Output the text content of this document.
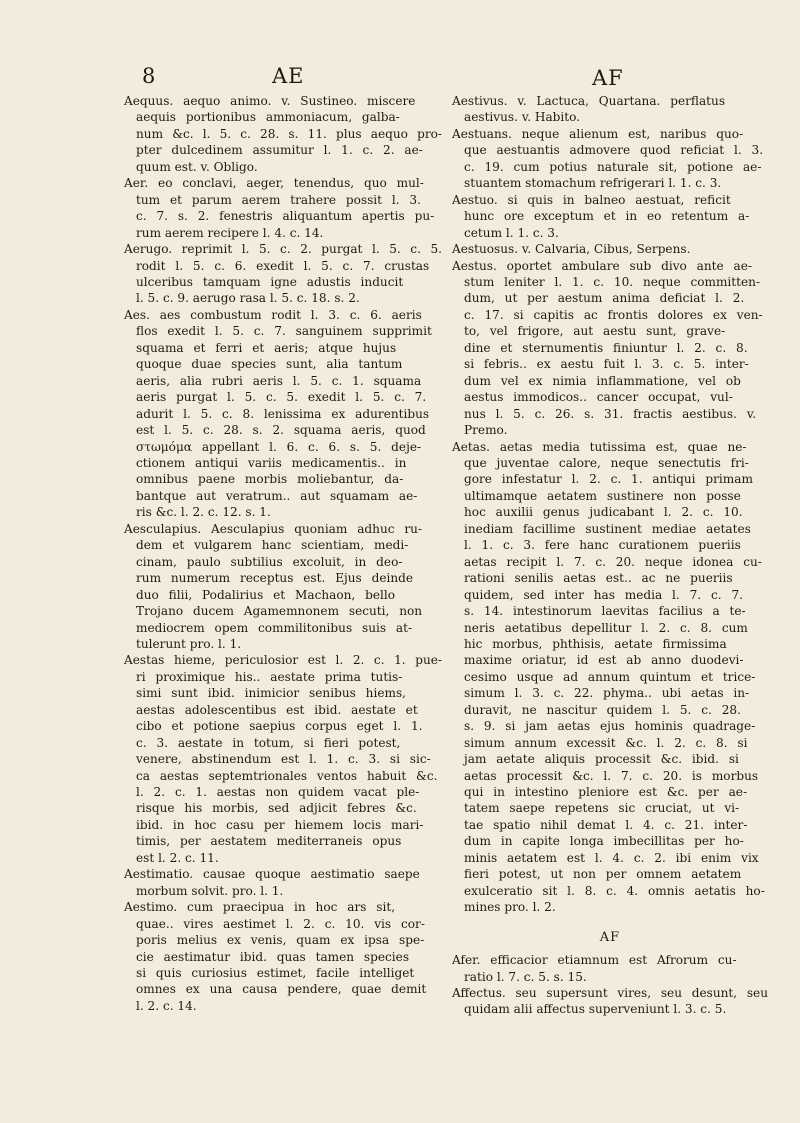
8	AE	AF
Aequus. aequo animo. v. Sustineo. miscere
aequis portionibus ammoniacum, galba-
num &c. l. 5. c. 28. s. 11. plus aequo pro-
pter dulcedinem assumitur l. 1. c. 2. ae-
quum est. v. Obligo.
Aer. eo conclavi, aeger, tenendus, quo mul-
tum et parum aerem trahere possit l. 3.
c. 7. s. 2. fenestris aliquantum apertis pu-
rum aerem recipere l. 4. c. 14.
Aerugo. reprimit l. 5. c. 2. purgat l. 5. c. 5.
rodit l. 5. c. 6. exedit l. 5. c. 7. crustas
ulceribus tamquam igne adustis inducit
l. 5. c. 9. aerugo rasa l. 5. c. 18. s. 2.
Aes. aes combustum rodit l. 3. c. 6. aeris
flos exedit l. 5. c. 7. sanguinem supprimit
squama et ferri et aeris; atque hujus
quoque duae species sunt, alia tantum
aeris, alia rubri aeris l. 5. c. 1. squama
aeris purgat l. 5. c. 5. exedit l. 5. c. 7.
adurit l. 5. c. 8. lenissima ex adurentibus
est l. 5. c. 28. s. 2. squama aeris, quod
στωμόμα appellant l. 6. c. 6. s. 5. deje-
ctionem antiqui variis medicamentis.. in
omnibus paene morbis moliebantur, da-
bantque aut veratrum.. aut squamam ae-
ris &c. l. 2. c. 12. s. 1.
Aesculapius. Aesculapius quoniam adhuc ru-
dem et vulgarem hanc scientiam, medi-
cinam, paulo subtilius excoluit, in deo-
rum numerum receptus est. Ejus deinde
duo filii, Podalirius et Machaon, bello
Trojano ducem Agamemnonem secuti, non
mediocrem opem commilitonibus suis at-
tulerunt pro. l. 1.
Aestas hieme, periculosior est l. 2. c. 1. pue-
ri proximique his.. aestate prima tutis-
simi sunt ibid. inimicior senibus hiems,
aestas adolescentibus est ibid. aestate et
cibo et potione saepius corpus eget l. 1.
c. 3. aestate in totum, si fieri potest,
venere, abstinendum est l. 1. c. 3. si sic-
ca aestas septemtrionales ventos habuit &c.
l. 2. c. 1. aestas non quidem vacat ple-
risque his morbis, sed adjicit febres &c.
ibid. in hoc casu per hiemem locis mari-
timis, per aestatem mediterraneis opus
est l. 2. c. 11.
Aestimatio. causae quoque aestimatio saepe
morbum solvit. pro. l. 1.
Aestimo. cum praecipua in hoc ars sit,
quae.. vires aestimet l. 2. c. 10. vis cor-
poris melius ex venis, quam ex ipsa spe-
cie aestimatur ibid. quas tamen species
si quis curiosius estimet, facile intelliget
omnes ex una causa pendere, quae demit
l. 2. c. 14.
Aestivus. v. Lactuca, Quartana. perflatus
aestivus. v. Habito.
Aestuans. neque alienum est, naribus quo-
que aestuantis admovere quod reficiat l. 3.
c. 19. cum potius naturale sit, potione ae-
stuantem stomachum refrigerari l. 1. c. 3.
Aestuo. si quis in balneo aestuat, reficit
hunc ore exceptum et in eo retentum a-
cetum l. 1. c. 3.
Aestuosus. v. Calvaria, Cibus, Serpens.
Aestus. oportet ambulare sub divo ante ae-
stum leniter l. 1. c. 10. neque committen-
dum, ut per aestum anima deficiat l. 2.
c. 17. si capitis ac frontis dolores ex ven-
to, vel frigore, aut aestu sunt, grave-
dine et sternumentis finiuntur l. 2. c. 8.
si febris.. ex aestu fuit l. 3. c. 5. inter-
dum vel ex nimia inflammatione, vel ob
aestus immodicos.. cancer occupat, vul-
nus l. 5. c. 26. s. 31. fractis aestibus. v.
Premo.
Aetas. aetas media tutissima est, quae ne-
que juventae calore, neque senectutis fri-
gore infestatur l. 2. c. 1. antiqui primam
ultimamque aetatem sustinere non posse
hoc auxilii genus judicabant l. 2. c. 10.
inediam facillime sustinent mediae aetates
l. 1. c. 3. fere hanc curationem pueriis
aetas recipit l. 7. c. 20. neque idonea cu-
rationi senilis aetas est.. ac ne pueriis
quidem, sed inter has media l. 7. c. 7.
s. 14. intestinorum laevitas facilius a te-
neris aetatibus depellitur l. 2. c. 8. cum
hic morbus, phthisis, aetate firmissima
maxime oriatur, id est ab anno duodevi-
cesimo usque ad annum quintum et trice-
simum l. 3. c. 22. phyma.. ubi aetas in-
duravit, ne nascitur quidem l. 5. c. 28.
s. 9. si jam aetas ejus hominis quadrage-
simum annum excessit &c. l. 2. c. 8. si
jam aetate aliquis processit &c. ibid. si
aetas processit &c. l. 7. c. 20. is morbus
qui in intestino pleniore est &c. per ae-
tatem saepe repetens sic cruciat, ut vi-
tae spatio nihil demat l. 4. c. 21. inter-
dum in capite longa imbecillitas per ho-
minis aetatem est l. 4. c. 2. ibi enim vix
fieri potest, ut non per omnem aetatem
exulceratio sit l. 8. c. 4. omnis aetatis ho-
mines pro. l. 2.
AF
Afer. efficacior etiamnum est Afrorum cu-
ratio l. 7. c. 5. s. 15.
Affectus. seu supersunt vires, seu desunt, seu
quidam alii affectus superveniunt l. 3. c. 5.
